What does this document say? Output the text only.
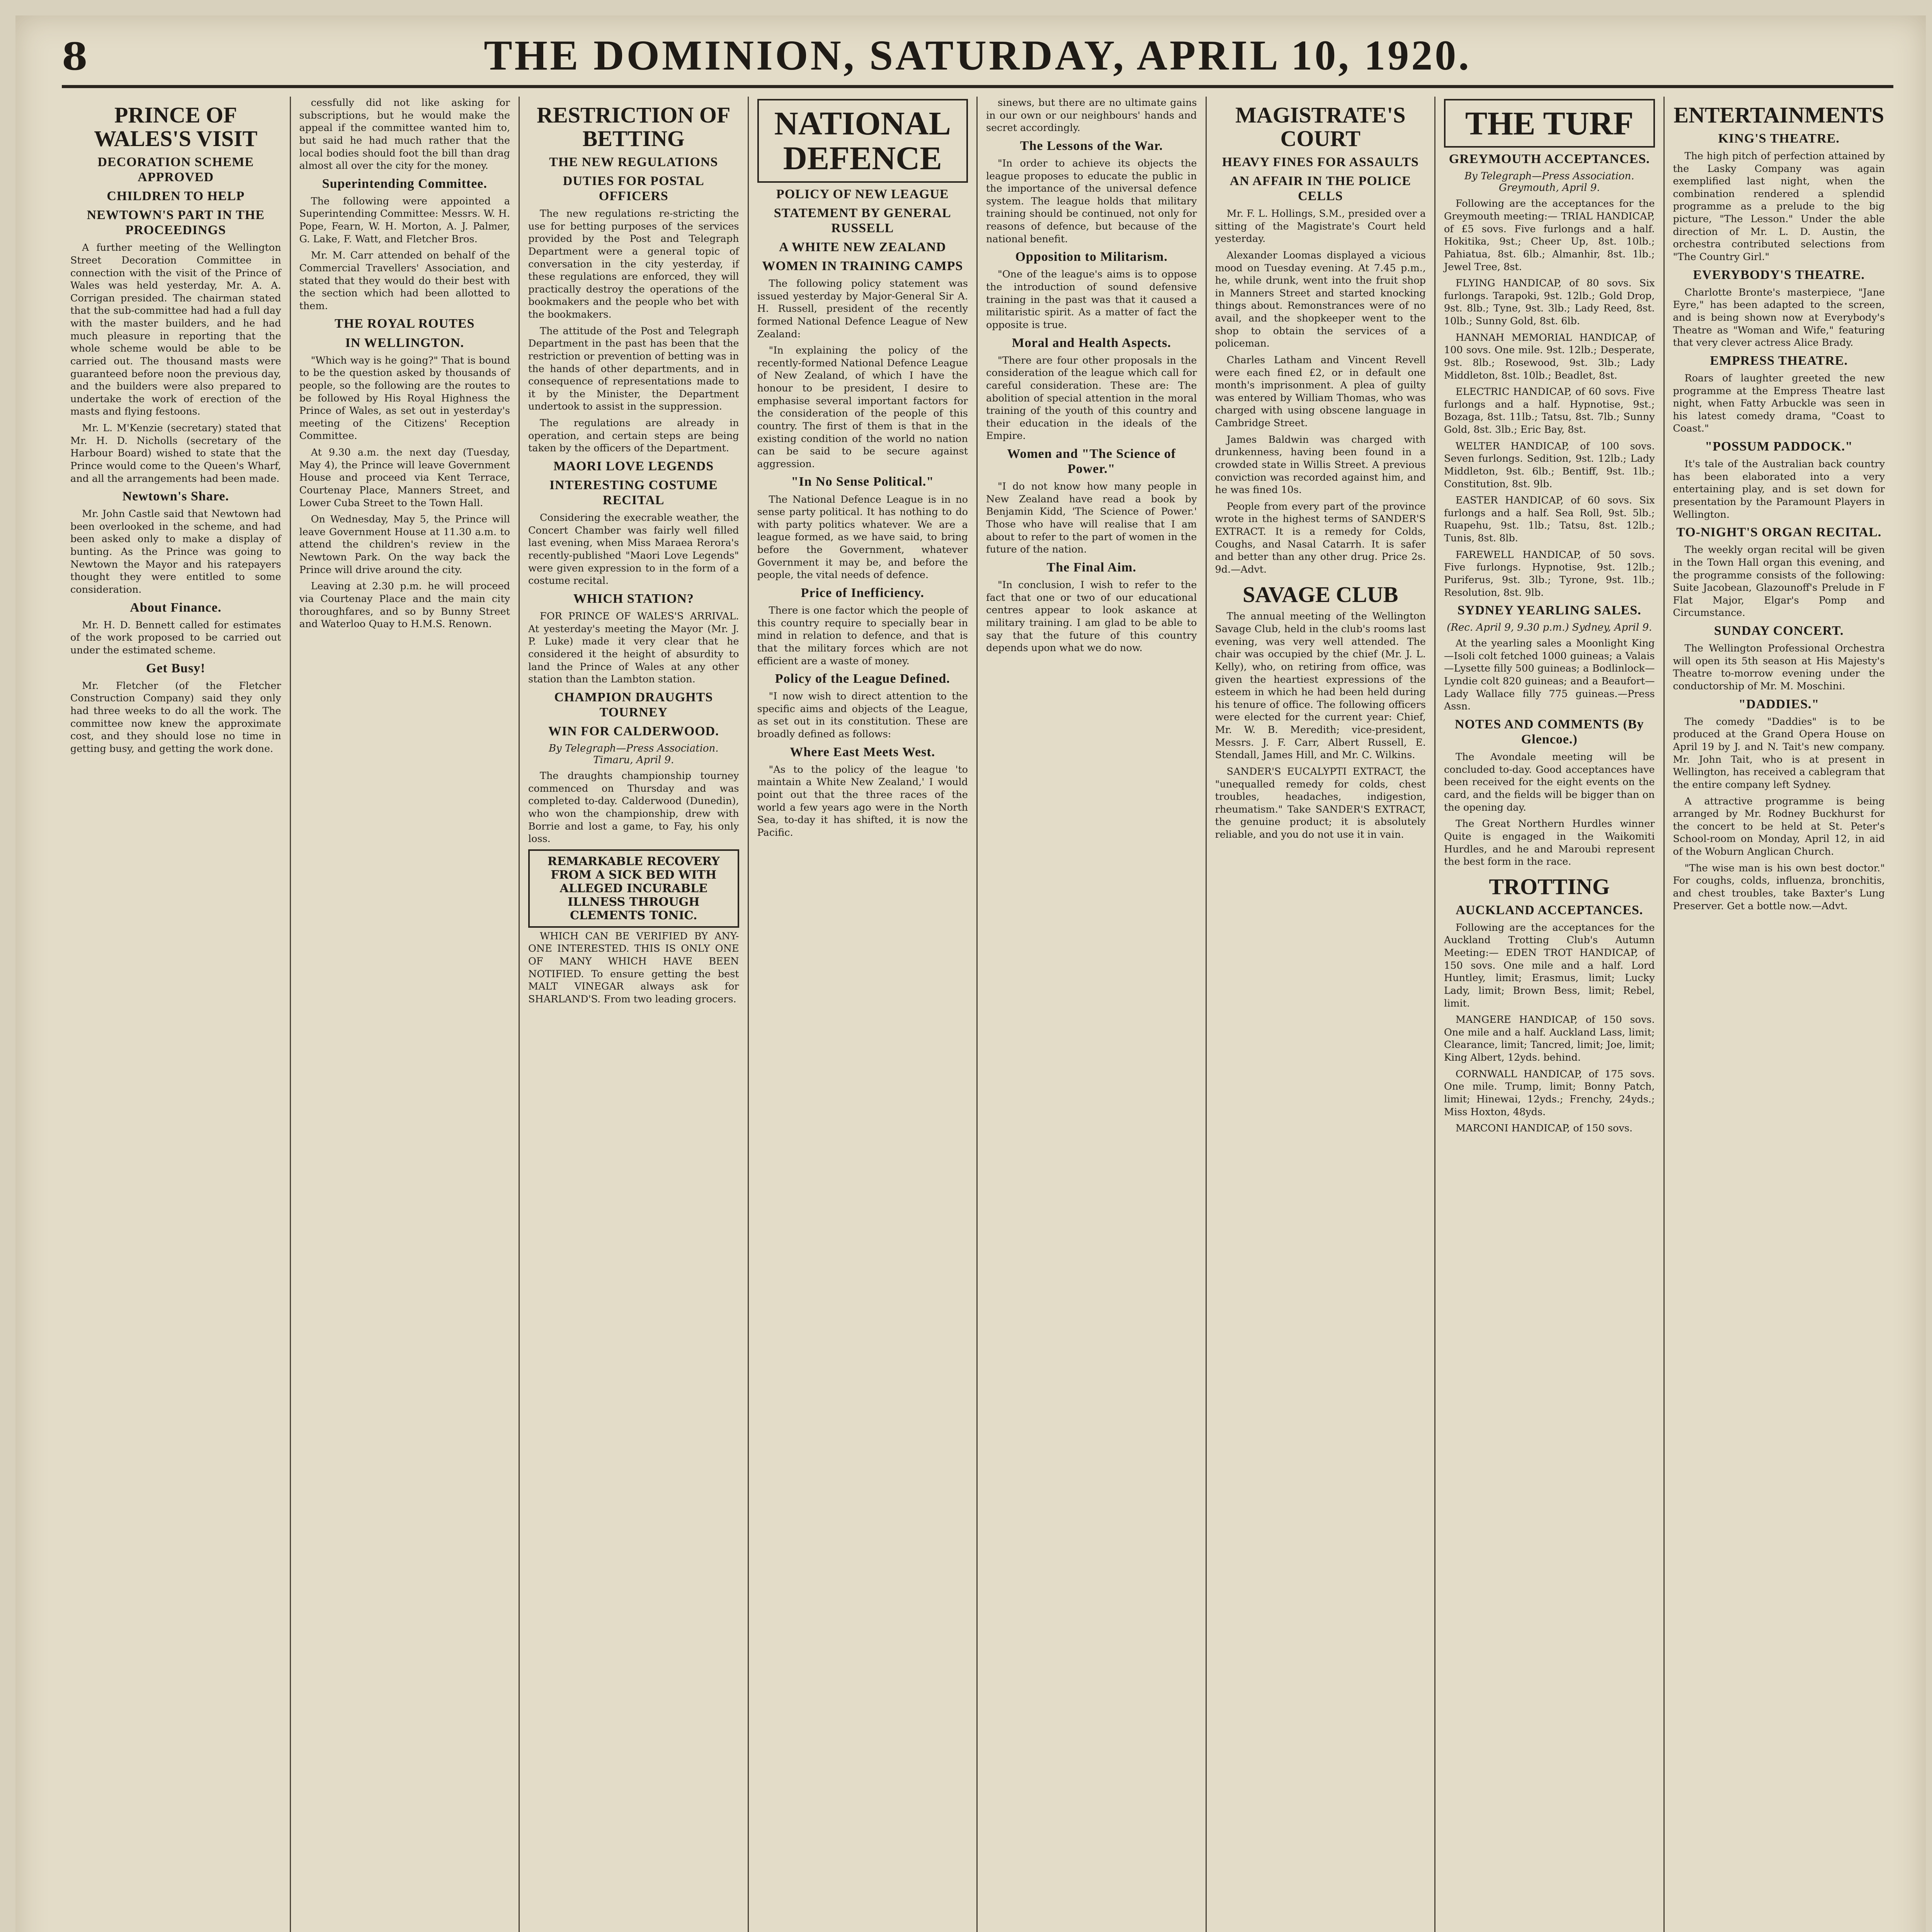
8	THE DOMINION, SATURDAY, APRIL 10, 1920.
PRINCE OF WALES'S VISIT
DECORATION SCHEME APPROVED
CHILDREN TO HELP
NEWTOWN'S PART IN THE PROCEEDINGS

A further meeting of the Wellington Street Decoration Committee in connection with the visit of the Prince of Wales was held yesterday, Mr. A. A. Corrigan presided. The chairman stated that the sub-committee had had a full day with the master builders, and he had much pleasure in reporting that the whole scheme would be able to be carried out. The thousand masts were guaranteed before noon the previous day, and the builders were also prepared to undertake the work of erection of the masts and flying festoons.

Mr. L. M'Kenzie (secretary) stated that Mr. H. D. Nicholls (secretary of the Harbour Board) wished to state that the Prince would come to the Queen's Wharf, and all the arrangements had been made.

Newtown's Share.

Mr. John Castle said that Newtown had been overlooked in the scheme, and had been asked only to make a display of bunting. As the Prince was going to Newtown the Mayor and his ratepayers thought they were entitled to some consideration.

About Finance.

Mr. H. D. Bennett called for estimates of the work proposed to be carried out under the estimated scheme.

Get Busy!

Mr. Fletcher (of the Fletcher Construction Company) said they only had three weeks to do all the work. The committee now knew the approximate cost, and they should lose no time in getting busy, and getting the work done.

cessfully did not like asking for subscriptions, but he would make the appeal if the committee wanted him to, but said he had much rather that the local bodies should foot the bill than drag almost all over the city for the money.

Superintending Committee.

The following were appointed a Superintending Committee: Messrs. W. H. Pope, Fearn, W. H. Morton, A. J. Palmer, G. Lake, F. Watt, and Fletcher Bros.

Mr. M. Carr attended on behalf of the Commercial Travellers' Association, and stated that they would do their best with the section which had been allotted to them.

THE ROYAL ROUTES
IN WELLINGTON.

"Which way is he going?" That is bound to be the question asked by thousands of people, so the following are the routes to be followed by His Royal Highness the Prince of Wales, as set out in yesterday's meeting of the Citizens' Reception Committee.

At 9.30 a.m. the next day (Tuesday, May 4), the Prince will leave Government House and proceed via Kent Terrace, Courtenay Place, Manners Street, and Lower Cuba Street to the Town Hall.

On Wednesday, May 5, the Prince will leave Government House at 11.30 a.m. to attend the children's review in the Newtown Park. On the way back the Prince will drive around the city.

Leaving at 2.30 p.m. he will proceed via Courtenay Place and the main city thoroughfares, and so by Bunny Street and Waterloo Quay to H.M.S. Renown.

RESTRICTION OF BETTING
THE NEW REGULATIONS
DUTIES FOR POSTAL OFFICERS

The new regulations re-stricting the use for betting purposes of the services provided by the Post and Telegraph Department were a general topic of conversation in the city yesterday, if these regulations are enforced, they will practically destroy the operations of the bookmakers and the people who bet with the bookmakers.

The attitude of the Post and Telegraph Department in the past has been that the restriction or prevention of betting was in the hands of other departments, and in consequence of representations made to it by the Minister, the Department undertook to assist in the suppression.

The regulations are already in operation, and certain steps are being taken by the officers of the Department.

MAORI LOVE LEGENDS
INTERESTING COSTUME RECITAL

Considering the execrable weather, the Concert Chamber was fairly well filled last evening, when Miss Maraea Rerora's recently-published "Maori Love Legends" were given expression to in the form of a costume recital.

WHICH STATION?

FOR PRINCE OF WALES'S ARRIVAL. At yesterday's meeting the Mayor (Mr. J. P. Luke) made it very clear that he considered it the height of absurdity to land the Prince of Wales at any other station than the Lambton station.

CHAMPION DRAUGHTS TOURNEY
WIN FOR CALDERWOOD.
By Telegraph—Press Association. Timaru, April 9.

The draughts championship tourney commenced on Thursday and was completed to-day. Calderwood (Dunedin), who won the championship, drew with Borrie and lost a game, to Fay, his only loss.

REMARKABLE RECOVERY FROM A SICK BED WITH ALLEGED INCURABLE ILLNESS THROUGH CLEMENTS TONIC.

WHICH CAN BE VERIFIED BY ANY-ONE INTERESTED. THIS IS ONLY ONE OF MANY WHICH HAVE BEEN NOTIFIED. To ensure getting the best MALT VINEGAR always ask for SHARLAND'S. From two leading grocers.

NATIONAL DEFENCE
POLICY OF NEW LEAGUE
STATEMENT BY GENERAL RUSSELL
A WHITE NEW ZEALAND
WOMEN IN TRAINING CAMPS

The following policy statement was issued yesterday by Major-General Sir A. H. Russell, president of the recently formed National Defence League of New Zealand:

"In explaining the policy of the recently-formed National Defence League of New Zealand, of which I have the honour to be president, I desire to emphasise several important factors for the consideration of the people of this country. The first of them is that in the existing condition of the world no nation can be said to be secure against aggression.

"In No Sense Political."

The National Defence League is in no sense party political. It has nothing to do with party politics whatever. We are a league formed, as we have said, to bring before the Government, whatever Government it may be, and before the people, the vital needs of defence.

Price of Inefficiency.

There is one factor which the people of this country require to specially bear in mind in relation to defence, and that is that the military forces which are not efficient are a waste of money.

Policy of the League Defined.

"I now wish to direct attention to the specific aims and objects of the League, as set out in its constitution. These are broadly defined as follows:

Where East Meets West.

"As to the policy of the league 'to maintain a White New Zealand,' I would point out that the three races of the world a few years ago were in the North Sea, to-day it has shifted, it is now the Pacific.

sinews, but there are no ultimate gains in our own or our neighbours' hands and secret accordingly.

The Lessons of the War.

"In order to achieve its objects the league proposes to educate the public in the importance of the universal defence system. The league holds that military training should be continued, not only for reasons of defence, but because of the national benefit.

Opposition to Militarism.

"One of the league's aims is to oppose the introduction of sound defensive training in the past was that it caused a militaristic spirit. As a matter of fact the opposite is true.

Moral and Health Aspects.

"There are four other proposals in the consideration of the league which call for careful consideration. These are: The abolition of special attention in the moral training of the youth of this country and their education in the ideals of the Empire.

Women and "The Science of Power."

"I do not know how many people in New Zealand have read a book by Benjamin Kidd, 'The Science of Power.' Those who have will realise that I am about to refer to the part of women in the future of the nation.

The Final Aim.

"In conclusion, I wish to refer to the fact that one or two of our educational centres appear to look askance at military training. I am glad to be able to say that the future of this country depends upon what we do now.

MAGISTRATE'S COURT
HEAVY FINES FOR ASSAULTS
AN AFFAIR IN THE POLICE CELLS

Mr. F. L. Hollings, S.M., presided over a sitting of the Magistrate's Court held yesterday.

Alexander Loomas displayed a vicious mood on Tuesday evening. At 7.45 p.m., he, while drunk, went into the fruit shop in Manners Street and started knocking things about. Remonstrances were of no avail, and the shopkeeper went to the shop to obtain the services of a policeman.

Charles Latham and Vincent Revell were each fined £2, or in default one month's imprisonment. A plea of guilty was entered by William Thomas, who was charged with using obscene language in Cambridge Street.

James Baldwin was charged with drunkenness, having been found in a crowded state in Willis Street. A previous conviction was recorded against him, and he was fined 10s.

People from every part of the province wrote in the highest terms of SANDER'S EXTRACT. It is a remedy for Colds, Coughs, and Nasal Catarrh. It is safer and better than any other drug. Price 2s. 9d.—Advt.

SAVAGE CLUB

The annual meeting of the Wellington Savage Club, held in the club's rooms last evening, was very well attended. The chair was occupied by the chief (Mr. J. L. Kelly), who, on retiring from office, was given the heartiest expressions of the esteem in which he had been held during his tenure of office. The following officers were elected for the current year: Chief, Mr. W. B. Meredith; vice-president, Messrs. J. F. Carr, Albert Russell, E. Stendall, James Hill, and Mr. C. Wilkins.

SANDER'S EUCALYPTI EXTRACT, the "unequalled remedy for colds, chest troubles, headaches, indigestion, rheumatism." Take SANDER'S EXTRACT, the genuine product; it is absolutely reliable, and you do not use it in vain.

THE TURF
GREYMOUTH ACCEPTANCES.
By Telegraph—Press Association. Greymouth, April 9.

Following are the acceptances for the Greymouth meeting:— TRIAL HANDICAP, of £5 sovs. Five furlongs and a half. Hokitika, 9st.; Cheer Up, 8st. 10lb.; Pahiatua, 8st. 6lb.; Almanhir, 8st. 1lb.; Jewel Tree, 8st.

FLYING HANDICAP, of 80 sovs. Six furlongs. Tarapoki, 9st. 12lb.; Gold Drop, 9st. 8lb.; Tyne, 9st. 3lb.; Lady Reed, 8st. 10lb.; Sunny Gold, 8st. 6lb.

HANNAH MEMORIAL HANDICAP, of 100 sovs. One mile. 9st. 12lb.; Desperate, 9st. 8lb.; Rosewood, 9st. 3lb.; Lady Middleton, 8st. 10lb.; Beadlet, 8st.

ELECTRIC HANDICAP, of 60 sovs. Five furlongs and a half. Hypnotise, 9st.; Bozaga, 8st. 11lb.; Tatsu, 8st. 7lb.; Sunny Gold, 8st. 3lb.; Eric Bay, 8st.

WELTER HANDICAP, of 100 sovs. Seven furlongs. Sedition, 9st. 12lb.; Lady Middleton, 9st. 6lb.; Bentiff, 9st. 1lb.; Constitution, 8st. 9lb.

EASTER HANDICAP, of 60 sovs. Six furlongs and a half. Sea Roll, 9st. 5lb.; Ruapehu, 9st. 1lb.; Tatsu, 8st. 12lb.; Tunis, 8st. 8lb.

FAREWELL HANDICAP, of 50 sovs. Five furlongs. Hypnotise, 9st. 12lb.; Puriferus, 9st. 3lb.; Tyrone, 9st. 1lb.; Resolution, 8st. 9lb.

SYDNEY YEARLING SALES.
(Rec. April 9, 9.30 p.m.) Sydney, April 9.

At the yearling sales a Moonlight King —Isoli colt fetched 1000 guineas; a Valais—Lysette filly 500 guineas; a Bodlinlock—Lyndie colt 820 guineas; and a Beaufort—Lady Wallace filly 775 guineas.—Press Assn.

NOTES AND COMMENTS (By Glencoe.)

The Avondale meeting will be concluded to-day. Good acceptances have been received for the eight events on the card, and the fields will be bigger than on the opening day.

The Great Northern Hurdles winner Quite is engaged in the Waikomiti Hurdles, and he and Maroubi represent the best form in the race.

TROTTING
AUCKLAND ACCEPTANCES.

Following are the acceptances for the Auckland Trotting Club's Autumn Meeting:— EDEN TROT HANDICAP, of 150 sovs. One mile and a half. Lord Huntley, limit; Erasmus, limit; Lucky Lady, limit; Brown Bess, limit; Rebel, limit.

MANGERE HANDICAP, of 150 sovs. One mile and a half. Auckland Lass, limit; Clearance, limit; Tancred, limit; Joe, limit; King Albert, 12yds. behind.

CORNWALL HANDICAP, of 175 sovs. One mile. Trump, limit; Bonny Patch, limit; Hinewai, 12yds.; Frenchy, 24yds.; Miss Hoxton, 48yds.

MARCONI HANDICAP, of 150 sovs.

ENTERTAINMENTS
KING'S THEATRE.

The high pitch of perfection attained by the Lasky Company was again exemplified last night, when the combination rendered a splendid programme as a prelude to the big picture, "The Lesson." Under the able direction of Mr. L. D. Austin, the orchestra contributed selections from "The Country Girl."

EVERYBODY'S THEATRE.

Charlotte Bronte's masterpiece, "Jane Eyre," has been adapted to the screen, and is being shown now at Everybody's Theatre as "Woman and Wife," featuring that very clever actress Alice Brady.

EMPRESS THEATRE.

Roars of laughter greeted the new programme at the Empress Theatre last night, when Fatty Arbuckle was seen in his latest comedy drama, "Coast to Coast."

"POSSUM PADDOCK."

It's tale of the Australian back country has been elaborated into a very entertaining play, and is set down for presentation by the Paramount Players in Wellington.

TO-NIGHT'S ORGAN RECITAL.

The weekly organ recital will be given in the Town Hall organ this evening, and the programme consists of the following: Suite Jacobean, Glazounoff's Prelude in F Flat Major, Elgar's Pomp and Circumstance.

SUNDAY CONCERT.

The Wellington Professional Orchestra will open its 5th season at His Majesty's Theatre to-morrow evening under the conductorship of Mr. M. Moschini.

"DADDIES."

The comedy "Daddies" is to be produced at the Grand Opera House on April 19 by J. and N. Tait's new company. Mr. John Tait, who is at present in Wellington, has received a cablegram that the entire company left Sydney.

A attractive programme is being arranged by Mr. Rodney Buckhurst for the concert to be held at St. Peter's School-room on Monday, April 12, in aid of the Woburn Anglican Church.

"The wise man is his own best doctor." For coughs, colds, influenza, bronchitis, and chest troubles, take Baxter's Lung Preserver. Get a bottle now.—Advt.
